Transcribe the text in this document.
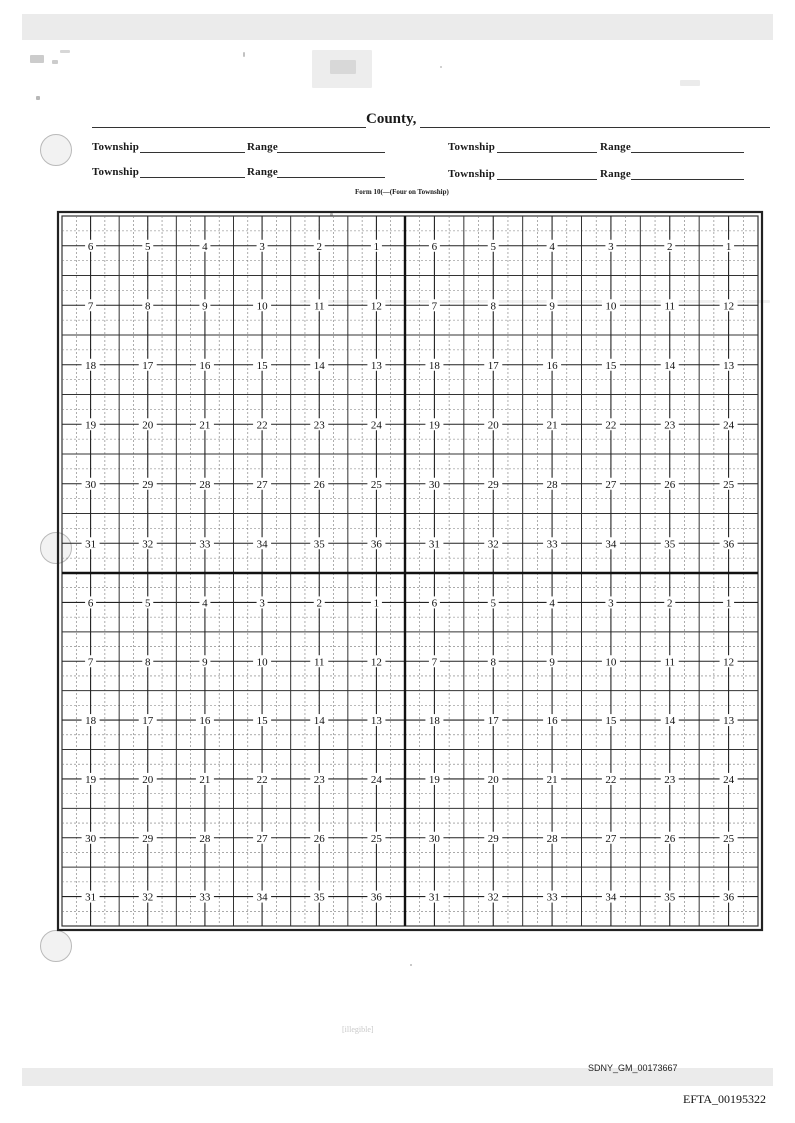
County,
Township	Range	Township	Range
Township	Range	Township	Range
Form 10(—(Four on Township)
6	5	4	3	2	1
7	8	9	10	11	12
18	17	16	15	14	13
19	20	21	22	23	24
30	29	28	27	26	25
31	32	33	34	35	36
6	5	4	3	2	1
7	8	9	10	11	12
18	17	16	15	14	13
19	20	21	22	23	24
30	29	28	27	26	25
31	32	33	34	35	36
6	5	4	3	2	1
7	8	9	10	11	12
18	17	16	15	14	13
19	20	21	22	23	24
30	29	28	27	26	25
31	32	33	34	35	36
6	5	4	3	2	1
7	8	9	10	11	12
18	17	16	15	14	13
19	20	21	22	23	24
30	29	28	27	26	25
31	32	33	34	35	36
[illegible]
SDNY_GM_00173667
EFTA_00195322
